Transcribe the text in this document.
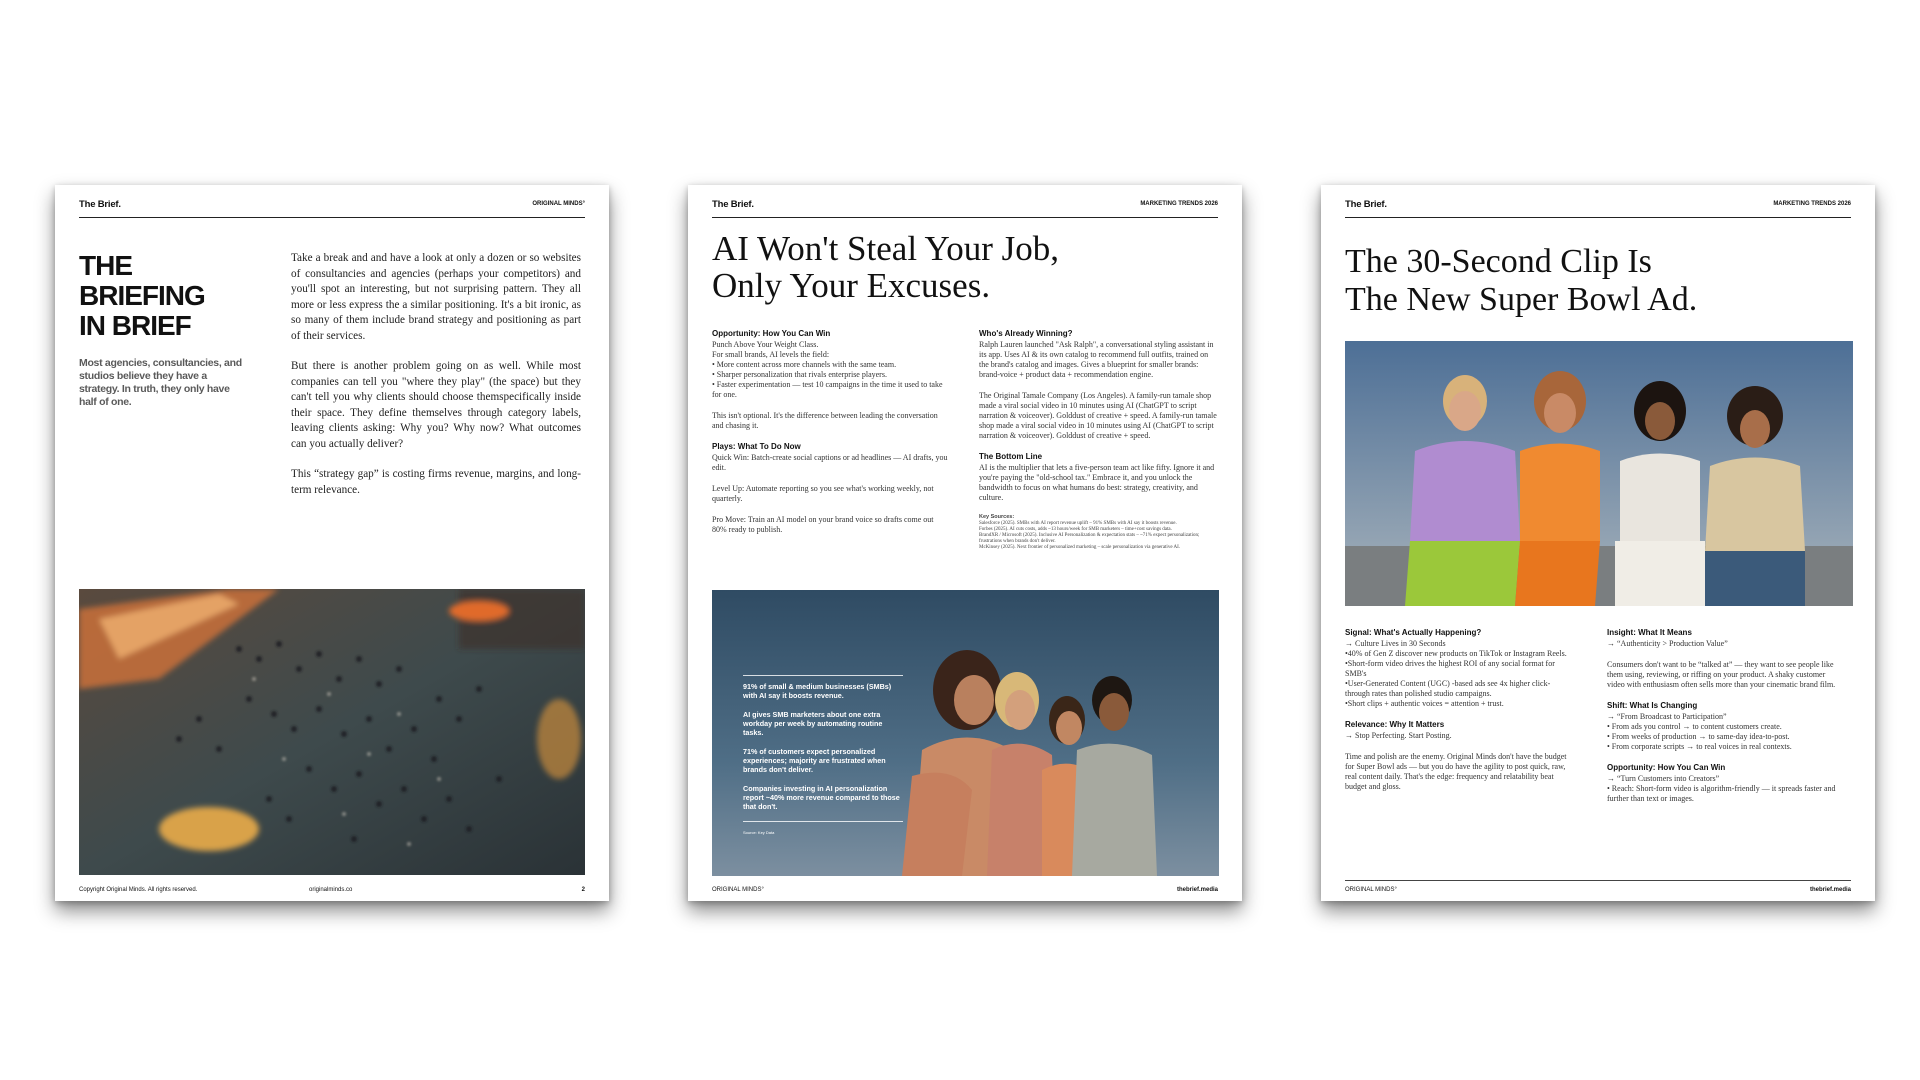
The Brief.	ORIGINAL MINDS°
THE
BRIEFING
IN BRIEF
Most agencies, consultancies, and studios believe they have a strategy. In truth, they only have half of one.

Take a break and and have a look at only a dozen or so websites of consultancies and agencies (perhaps your competitors) and you'll spot an interesting, but not surprising pattern. They all more or less express the a similar positioning. It's a bit ironic, as so many of them include brand strategy and positioning as part of their services.

But there is another problem going on as well. While most companies can tell you "where they play" (the space) but they can't tell you why clients should choose themspecifically inside their space. They define themselves through category labels, leaving clients asking: Why you? Why now? What outcomes can you actually deliver?

This “strategy gap” is costing firms revenue, margins, and long-term relevance.

Copyright Original Minds. All rights reserved.	originalminds.co	2
The Brief.	MARKETING TRENDS 2026
AI Won't Steal Your Job,
Only Your Excuses.
Opportunity: How You Can Win

Punch Above Your Weight Class.
For small brands, AI levels the field:
• More content across more channels with the same team.
• Sharper personalization that rivals enterprise players.
• Faster experimentation — test 10 campaigns in the time it used to take for one.

This isn't optional. It's the difference between leading the conversation and chasing it.

Plays: What To Do Now

Quick Win: Batch-create social captions or ad headlines — AI drafts, you edit.

Level Up: Automate reporting so you see what's working weekly, not quarterly.

Pro Move: Train an AI model on your brand voice so drafts come out 80% ready to publish.

Who's Already Winning?

Ralph Lauren launched "Ask Ralph", a conversational styling assistant in its app. Uses AI & its own catalog to recommend full outfits, trained on the brand's catalog and images. Gives a blueprint for smaller brands: brand-voice + product data + recommendation engine.

The Original Tamale Company (Los Angeles). A family-run tamale shop made a viral social video in 10 minutes using AI (ChatGPT to script narration & voiceover). Golddust of creative + speed. A family-run tamale shop made a viral social video in 10 minutes using AI (ChatGPT to script narration & voiceover). Golddust of creative + speed.

The Bottom Line

AI is the multiplier that lets a five-person team act like fifty. Ignore it and you're paying the "old-school tax." Embrace it, and you unlock the bandwidth to focus on what humans do best: strategy, creativity, and culture.

Key Sources:
Salesforce (2025). SMBs with AI report revenue uplift – 91% SMBs with AI say it boosts revenue.
Forbes (2025). AI cuts costs, adds ~13 hours/week for SMB marketers – time+cost savings data.
BrandXR / Microsoft (2025). Inclusive AI Personalization & expectation stats – ~71% expect personalization; frustrations when brands don't deliver.
McKinsey (2025). Next frontier of personalized marketing – scale personalization via generative AI.

91% of small & medium businesses (SMBs) with AI say it boosts revenue.

AI gives SMB marketers about one extra workday per week by automating routine tasks.

71% of customers expect personalized experiences; majority are frustrated when brands don't deliver.

Companies investing in AI personalization report ~40% more revenue compared to those that don't.

Source: Key Data
ORIGINAL MINDS°	thebrief.media
The Brief.	MARKETING TRENDS 2026
The 30-Second Clip Is
The New Super Bowl Ad.
Signal: What's Actually Happening?

→ Culture Lives in 30 Seconds
•40% of Gen Z discover new products on TikTok or Instagram Reels.
•Short-form video drives the highest ROI of any social format for SMB's
•User-Generated Content (UGC) -based ads see 4x higher click-through rates than polished studio campaigns.
•Short clips + authentic voices = attention + trust.

Relevance: Why It Matters

→ Stop Perfecting. Start Posting.

Time and polish are the enemy. Original Minds don't have the budget for Super Bowl ads — but you do have the agility to post quick, raw, real content daily. That's the edge: frequency and relatability beat budget and gloss.

Insight: What It Means

→ “Authenticity > Production Value”

Consumers don't want to be “talked at” — they want to see people like them using, reviewing, or riffing on your product. A shaky customer video with enthusiasm often sells more than your cinematic brand film.

Shift: What Is Changing

→ “From Broadcast to Participation”
• From ads you control → to content customers create.
• From weeks of production → to same-day idea-to-post.
• From corporate scripts → to real voices in real contexts.

Opportunity: How You Can Win

→ “Turn Customers into Creators”
• Reach: Short-form video is algorithm-friendly — it spreads faster and further than text or images.

ORIGINAL MINDS°	thebrief.media
